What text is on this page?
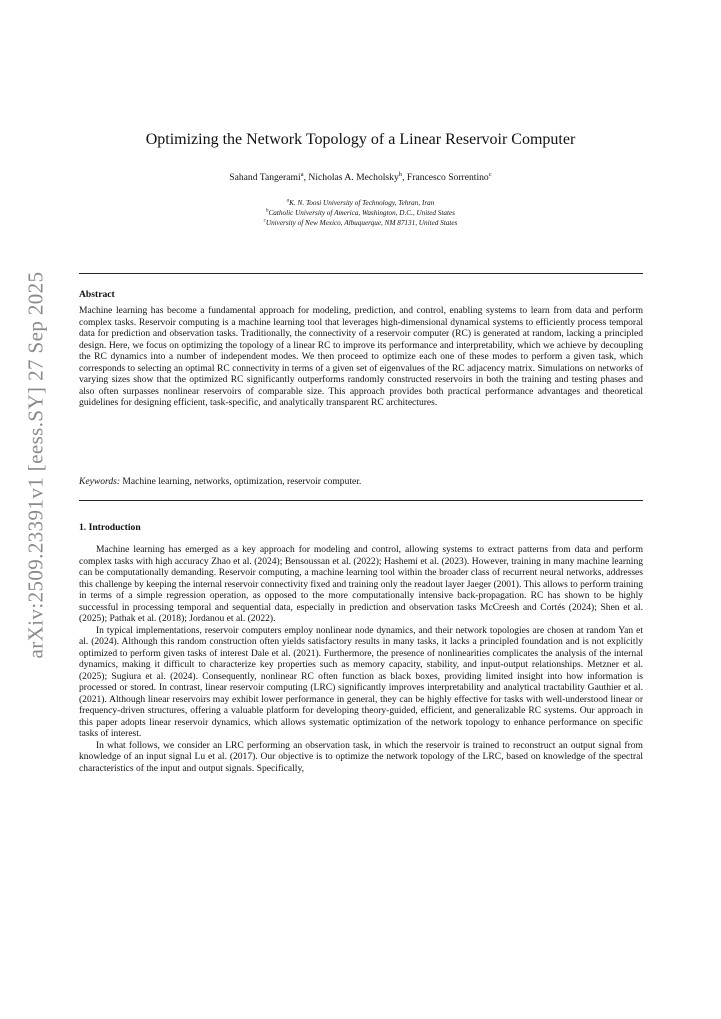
arXiv:2509.23391v1 [eess.SY] 27 Sep 2025
Optimizing the Network Topology of a Linear Reservoir Computer
Sahand Tangerami$^a$, Nicholas A. Mecholsky$^b$, Francesco Sorrentino$^c$
$^a$K. N. Toosi University of Technology, Tehran, Iran
$^b$Catholic University of America, Washington, D.C., United States
$^c$University of New Mexico, Albuquerque, NM 87131, United States
Abstract
Machine learning has become a fundamental approach for modeling, prediction, and control, enabling systems to learn from data and perform complex tasks. Reservoir computing is a machine learning tool that leverages high-dimensional dynamical systems to efficiently process temporal data for prediction and observation tasks. Traditionally, the connectivity of a reservoir computer (RC) is generated at random, lacking a principled design. Here, we focus on optimizing the topology of a linear RC to improve its performance and interpretability, which we achieve by decoupling the RC dynamics into a number of independent modes. We then proceed to optimize each one of these modes to perform a given task, which corresponds to selecting an optimal RC connectivity in terms of a given set of eigenvalues of the RC adjacency matrix. Simulations on networks of varying sizes show that the optimized RC significantly outperforms randomly constructed reservoirs in both the training and testing phases and also often surpasses nonlinear reservoirs of comparable size. This approach provides both practical performance advantages and theoretical guidelines for designing efficient, task-specific, and analytically transparent RC architectures.
Keywords: Machine learning, networks, optimization, reservoir computer.
1. Introduction

Machine learning has emerged as a key approach for modeling and control, allowing systems to extract patterns from data and perform complex tasks with high accuracy Zhao et al. (2024); Bensoussan et al. (2022); Hashemi et al. (2023). However, training in many machine learning can be computationally demanding. Reservoir computing, a machine learning tool within the broader class of recurrent neural networks, addresses this challenge by keeping the internal reservoir connectivity fixed and training only the readout layer Jaeger (2001). This allows to perform training in terms of a simple regression operation, as opposed to the more computationally intensive back-propagation. RC has shown to be highly successful in processing temporal and sequential data, especially in prediction and observation tasks McCreesh and Cortés (2024); Shen et al. (2025); Pathak et al. (2018); Jordanou et al. (2022).

In typical implementations, reservoir computers employ nonlinear node dynamics, and their network topologies are chosen at random Yan et al. (2024). Although this random construction often yields satisfactory results in many tasks, it lacks a principled foundation and is not explicitly optimized to perform given tasks of interest Dale et al. (2021). Furthermore, the presence of nonlinearities complicates the analysis of the internal dynamics, making it difficult to characterize key properties such as memory capacity, stability, and input-output relationships. Metzner et al. (2025); Sugiura et al. (2024). Consequently, nonlinear RC often function as black boxes, providing limited insight into how information is processed or stored. In contrast, linear reservoir computing (LRC) significantly improves interpretability and analytical tractability Gauthier et al. (2021). Although linear reservoirs may exhibit lower performance in general, they can be highly effective for tasks with well-understood linear or frequency-driven structures, offering a valuable platform for developing theory-guided, efficient, and generalizable RC systems. Our approach in this paper adopts linear reservoir dynamics, which allows systematic optimization of the network topology to enhance performance on specific tasks of interest.

In what follows, we consider an LRC performing an observation task, in which the reservoir is trained to reconstruct an output signal from knowledge of an input signal Lu et al. (2017). Our objective is to optimize the network topology of the LRC, based on knowledge of the spectral characteristics of the input and output signals. Specifically,
